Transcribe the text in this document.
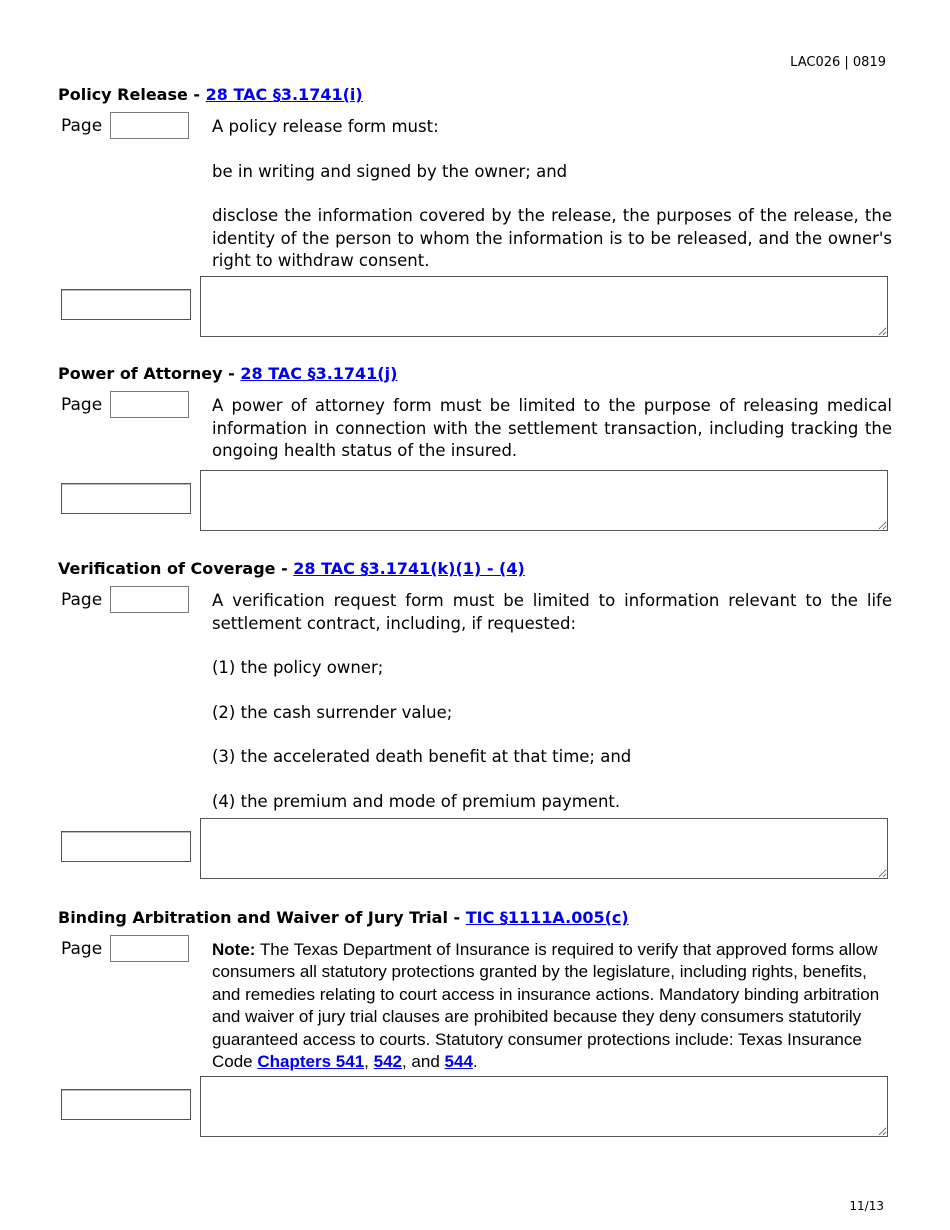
LAC026 | 0819
Policy Release - 28 TAC §3.1741(i)
Page	A policy release form must:

be in writing and signed by the owner; and

disclose the information covered by the release, the purposes of the release, the identity of the person to whom the information is to be released, and the owner's right to withdraw consent.

Power of Attorney - 28 TAC §3.1741(j)
Page	A power of attorney form must be limited to the purpose of releasing medical information in connection with the settlement transaction, including tracking the ongoing health status of the insured.

Verification of Coverage - 28 TAC §3.1741(k)(1) - (4)
Page	A verification request form must be limited to information relevant to the life settlement contract, including, if requested:

(1) the policy owner;

(2) the cash surrender value;

(3) the accelerated death benefit at that time; and

(4) the premium and mode of premium payment.

Binding Arbitration and Waiver of Jury Trial - TIC §1111A.005(c)
Page	Note: The Texas Department of Insurance is required to verify that approved forms allow consumers all statutory protections granted by the legislature, including rights, benefits, and remedies relating to court access in insurance actions. Mandatory binding arbitration and waiver of jury trial clauses are prohibited because they deny consumers statutorily guaranteed access to courts. Statutory consumer protections include: Texas Insurance Code Chapters 541, 542, and 544.
11/13
